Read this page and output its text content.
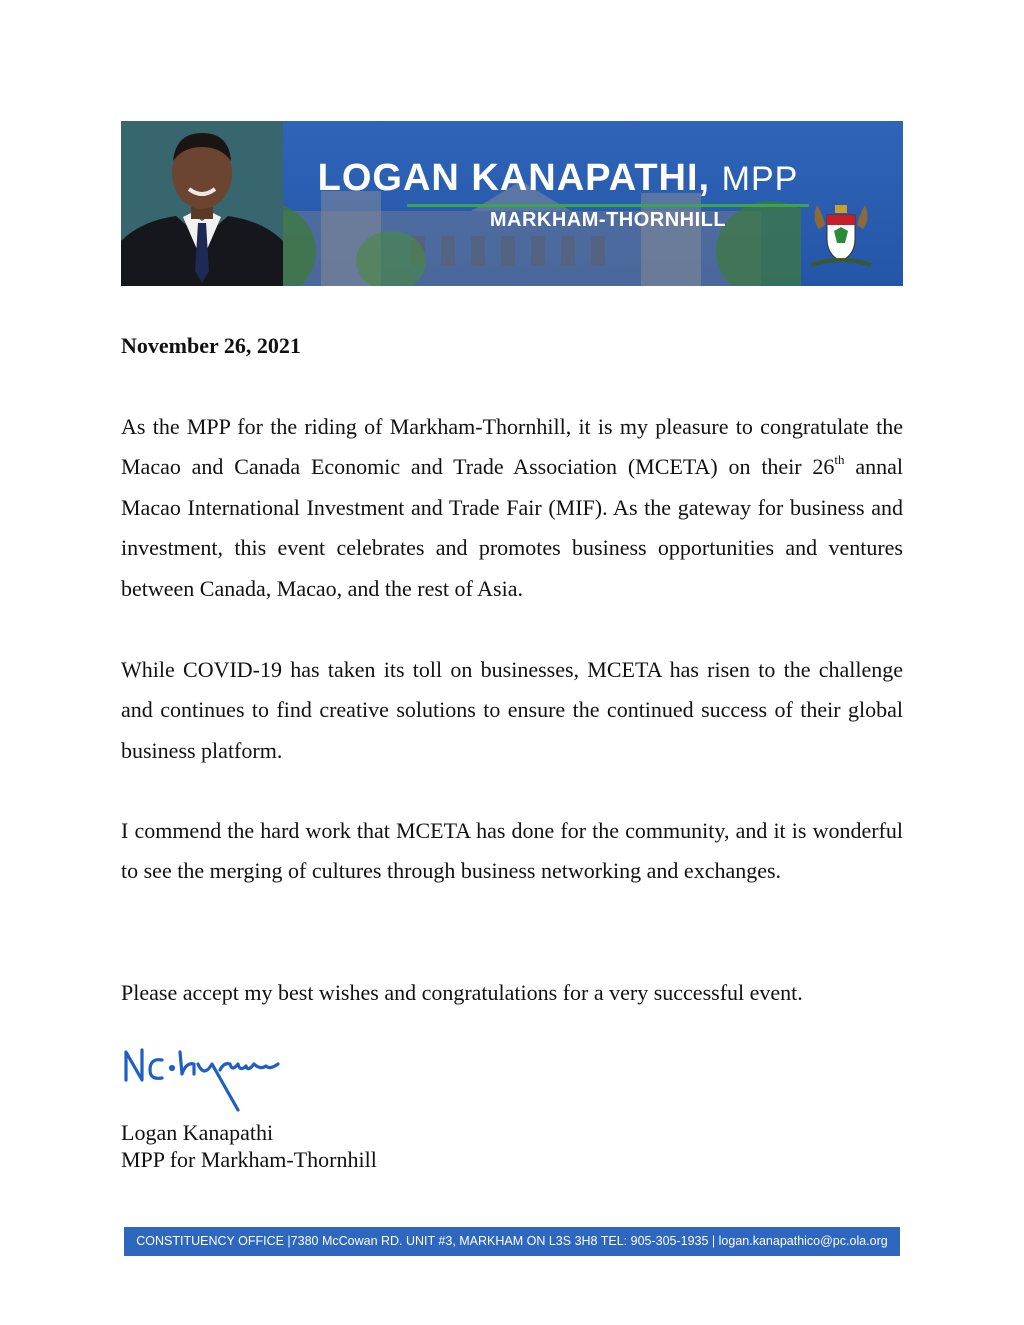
LOGAN KANAPATHI, MPP
MARKHAM-THORNHILL

November 26, 2021

As the MPP for the riding of Markham-Thornhill, it is my pleasure to congratulate the Macao and Canada Economic and Trade Association (MCETA) on their 26th annal Macao International Investment and Trade Fair (MIF). As the gateway for business and investment, this event celebrates and promotes business opportunities and ventures between Canada, Macao, and the rest of Asia.

While COVID-19 has taken its toll on businesses, MCETA has risen to the challenge and continues to find creative solutions to ensure the continued success of their global business platform.

I commend the hard work that MCETA has done for the community, and it is wonderful to see the merging of cultures through business networking and exchanges.

Please accept my best wishes and congratulations for a very successful event.

Logan Kanapathi
MPP for Markham-Thornhill

CONSTITUENCY OFFICE |7380 McCowan RD. UNIT #3, MARKHAM ON L3S 3H8 TEL: 905-305-1935 | logan.kanapathico@pc.ola.org
